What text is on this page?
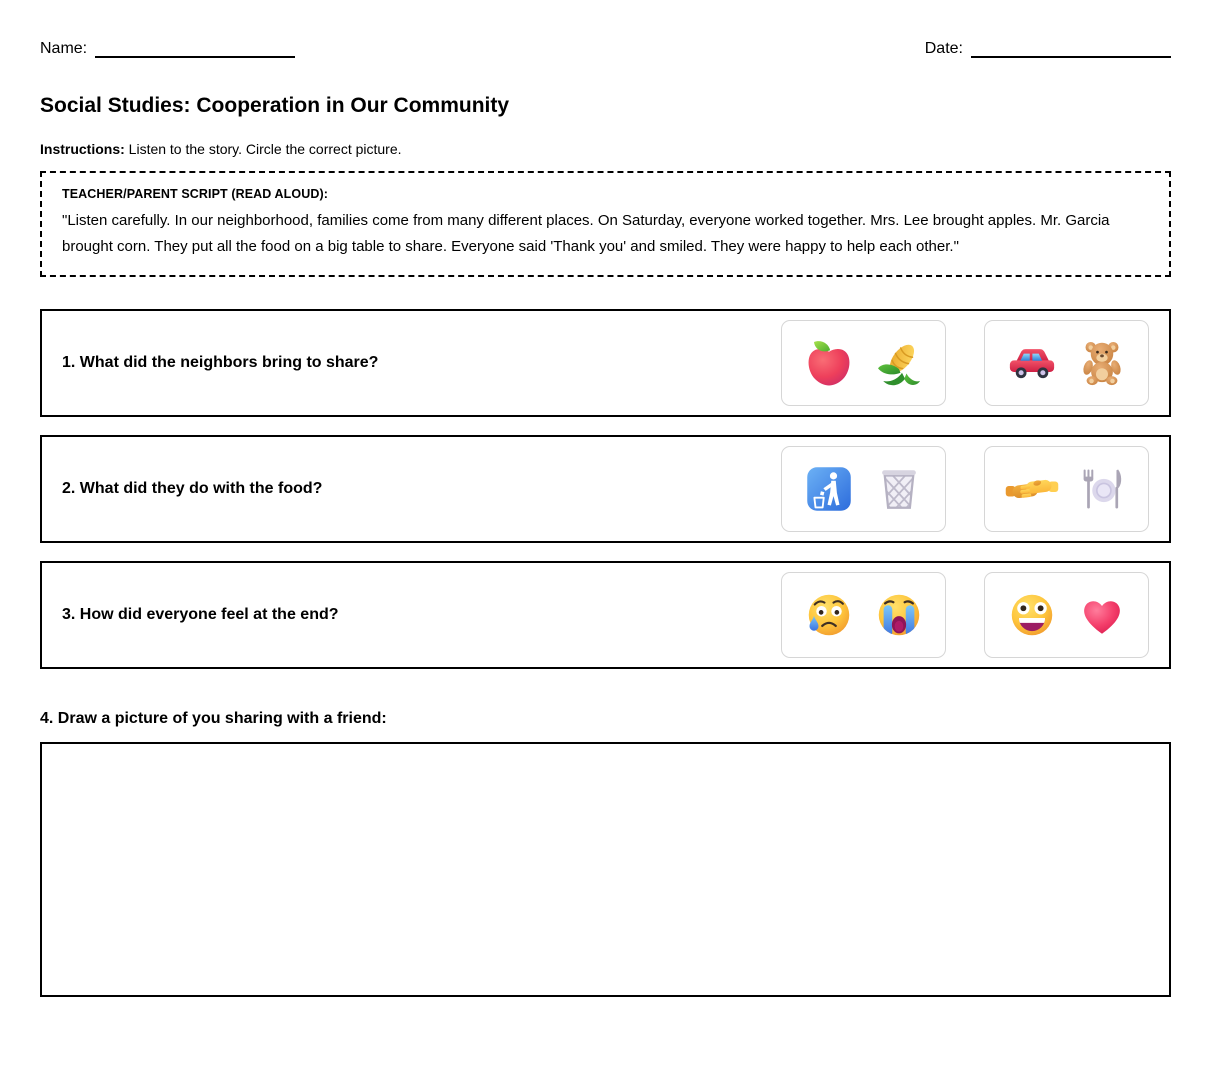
Name:	Date:
Social Studies: Cooperation in Our Community

Instructions: Listen to the story. Circle the correct picture.

TEACHER/PARENT SCRIPT (READ ALOUD):
"Listen carefully. In our neighborhood, families come from many different places. On Saturday, everyone worked together. Mrs. Lee brought apples. Mr. Garcia brought corn. They put all the food on a big table to share. Everyone said 'Thank you' and smiled. They were happy to help each other."
1. What did the neighbors bring to share?
2. What did they do with the food?
3. How did everyone feel at the end?
4. Draw a picture of you sharing with a friend:
